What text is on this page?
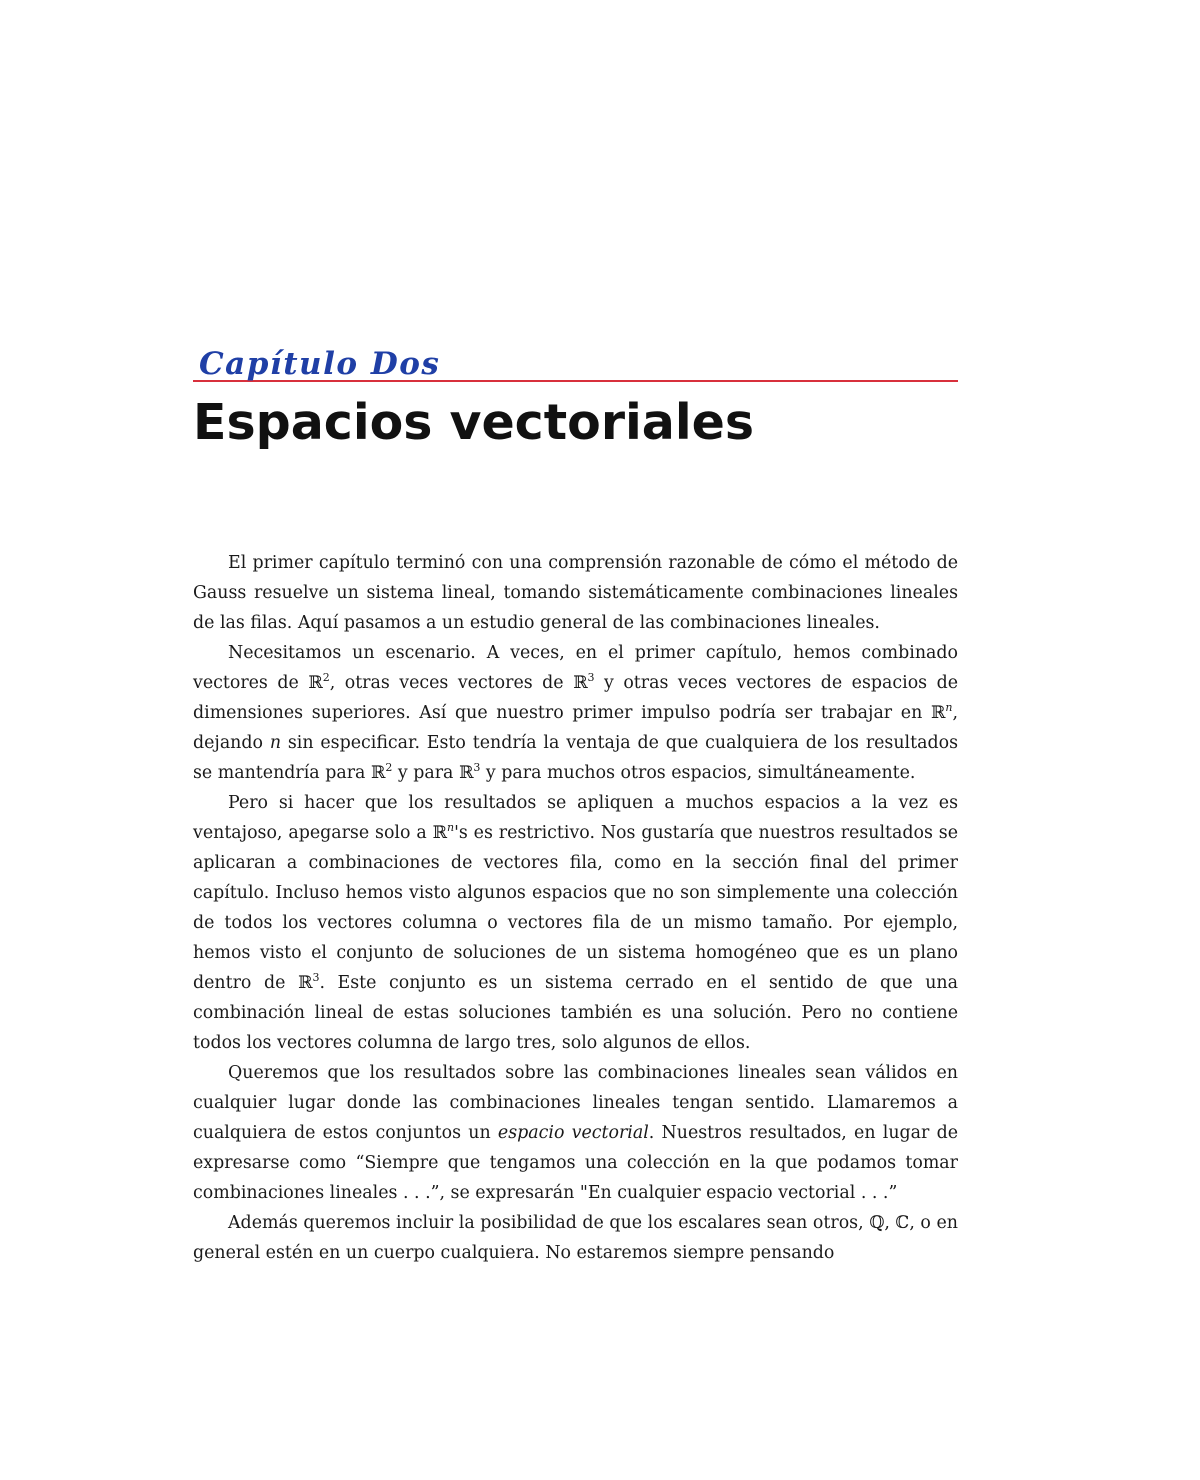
Capítulo Dos
Espacios vectoriales

El primer capítulo terminó con una comprensión razonable de cómo el método de Gauss resuelve un sistema lineal, tomando sistemáticamente combinaciones lineales de las filas. Aquí pasamos a un estudio general de las combinaciones lineales.

Necesitamos un escenario. A veces, en el primer capítulo, hemos combinado vectores de ℝ$^2$, otras veces vectores de ℝ$^3$ y otras veces vectores de espacios de dimensiones superiores. Así que nuestro primer impulso podría ser trabajar en ℝ$^n$, dejando n sin especificar. Esto tendría la ventaja de que cualquiera de los resultados se mantendría para ℝ$^2$ y para ℝ$^3$ y para muchos otros espacios, simultáneamente.

Pero si hacer que los resultados se apliquen a muchos espacios a la vez es ventajoso, apegarse solo a ℝ$^n$'s es restrictivo. Nos gustaría que nuestros resultados se aplicaran a combinaciones de vectores fila, como en la sección final del primer capítulo. Incluso hemos visto algunos espacios que no son simplemente una colección de todos los vectores columna o vectores fila de un mismo tamaño. Por ejemplo, hemos visto el conjunto de soluciones de un sistema homogéneo que es un plano dentro de ℝ$^3$. Este conjunto es un sistema cerrado en el sentido de que una combinación lineal de estas soluciones también es una solución. Pero no contiene todos los vectores columna de largo tres, solo algunos de ellos.

Queremos que los resultados sobre las combinaciones lineales sean válidos en cualquier lugar donde las combinaciones lineales tengan sentido. Llamaremos a cualquiera de estos conjuntos un espacio vectorial. Nuestros resultados, en lugar de expresarse como “Siempre que tengamos una colección en la que podamos tomar combinaciones lineales . . .”, se expresarán "En cualquier espacio vectorial . . .”

Además queremos incluir la posibilidad de que los escalares sean otros, ℚ, ℂ, o en general estén en un cuerpo cualquiera. No estaremos siempre pensando
